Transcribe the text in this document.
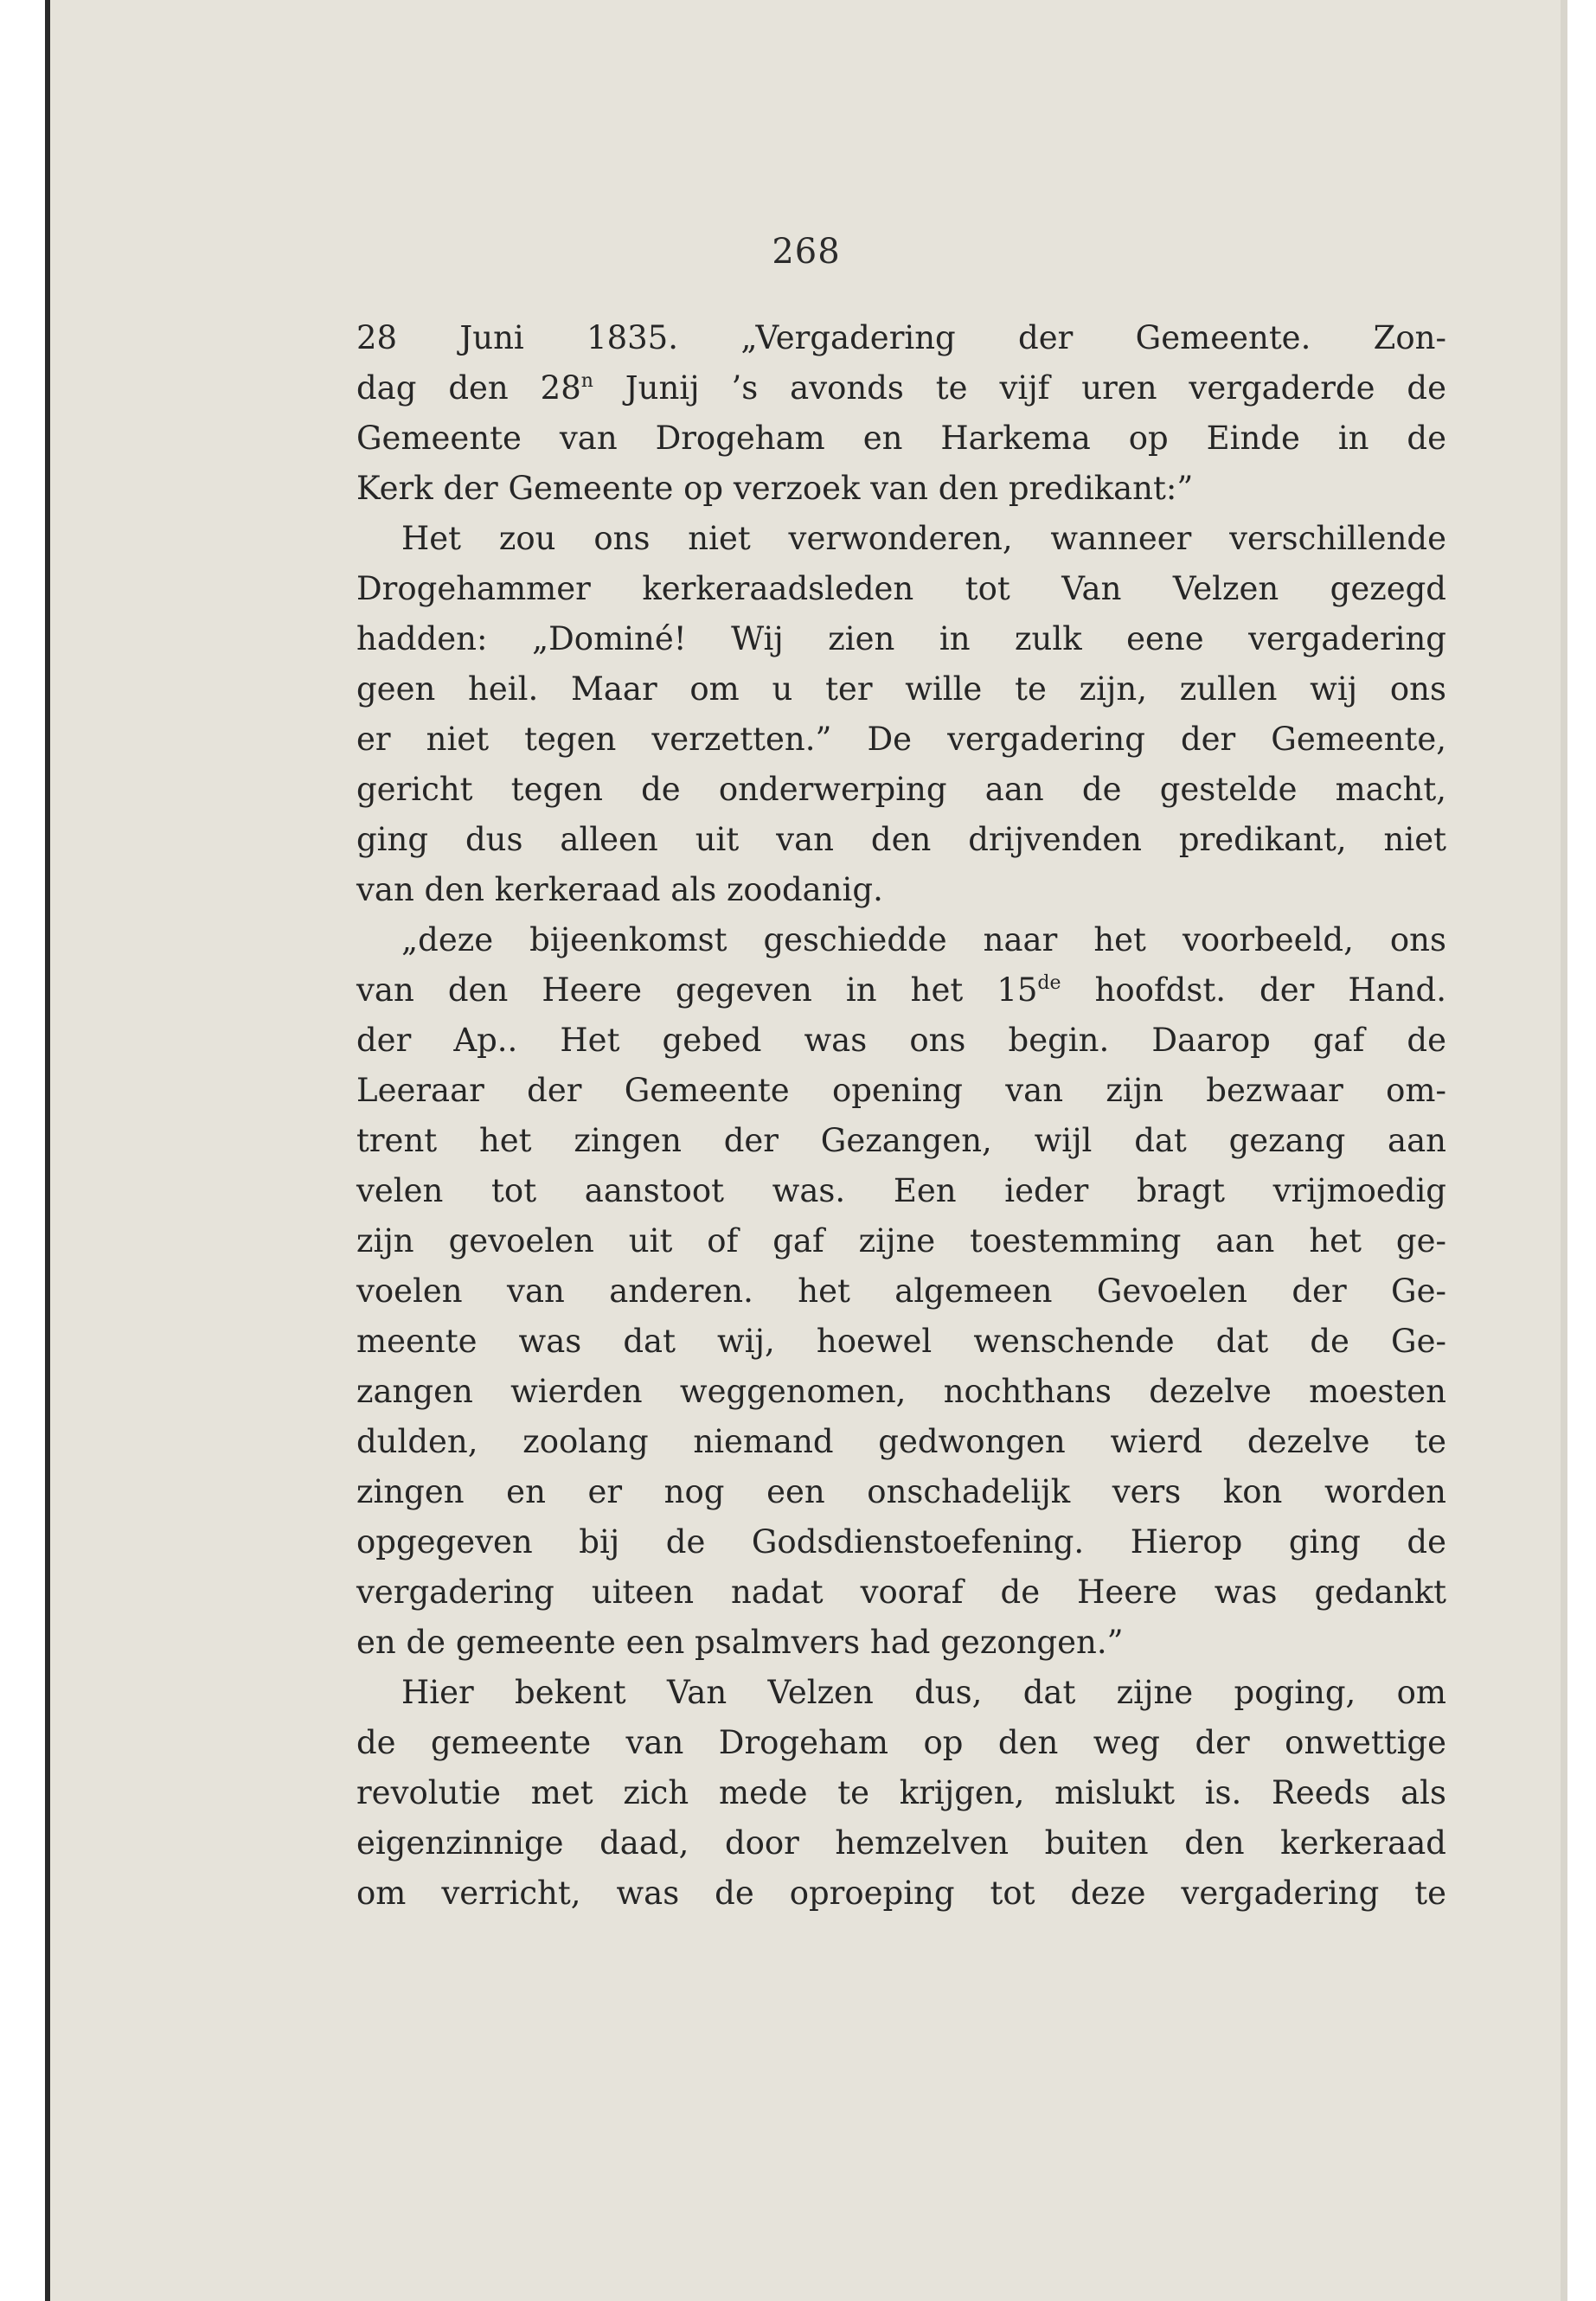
268
28 Juni 1835. „Vergadering der Gemeente. Zon-
dag den 28$^n$ Junij ’s avonds te vijf uren vergaderde de
Gemeente van Drogeham en Harkema op Einde in de
Kerk der Gemeente op verzoek van den predikant:”
Het zou ons niet verwonderen, wanneer verschillende
Drogehammer kerkeraadsleden tot Van Velzen gezegd
hadden: „Dominé! Wij zien in zulk eene vergadering
geen heil. Maar om u ter wille te zijn, zullen wij ons
er niet tegen verzetten.” De vergadering der Gemeente,
gericht tegen de onderwerping aan de gestelde macht,
ging dus alleen uit van den drijvenden predikant, niet
van den kerkeraad als zoodanig.
„deze bijeenkomst geschiedde naar het voorbeeld, ons
van den Heere gegeven in het 15de hoofdst. der Hand.
der Ap.. Het gebed was ons begin. Daarop gaf de
Leeraar der Gemeente opening van zijn bezwaar om-
trent het zingen der Gezangen, wijl dat gezang aan
velen tot aanstoot was. Een ieder bragt vrijmoedig
zijn gevoelen uit of gaf zijne toestemming aan het ge-
voelen van anderen. het algemeen Gevoelen der Ge-
meente was dat wij, hoewel wenschende dat de Ge-
zangen wierden weggenomen, nochthans dezelve moesten
dulden, zoolang niemand gedwongen wierd dezelve te
zingen en er nog een onschadelijk vers kon worden
opgegeven bij de Godsdienstoefening. Hierop ging de
vergadering uiteen nadat vooraf de Heere was gedankt
en de gemeente een psalmvers had gezongen.”
Hier bekent Van Velzen dus, dat zijne poging, om
de gemeente van Drogeham op den weg der onwettige
revolutie met zich mede te krijgen, mislukt is. Reeds als
eigenzinnige daad, door hemzelven buiten den kerkeraad
om verricht, was de oproeping tot deze vergadering te
